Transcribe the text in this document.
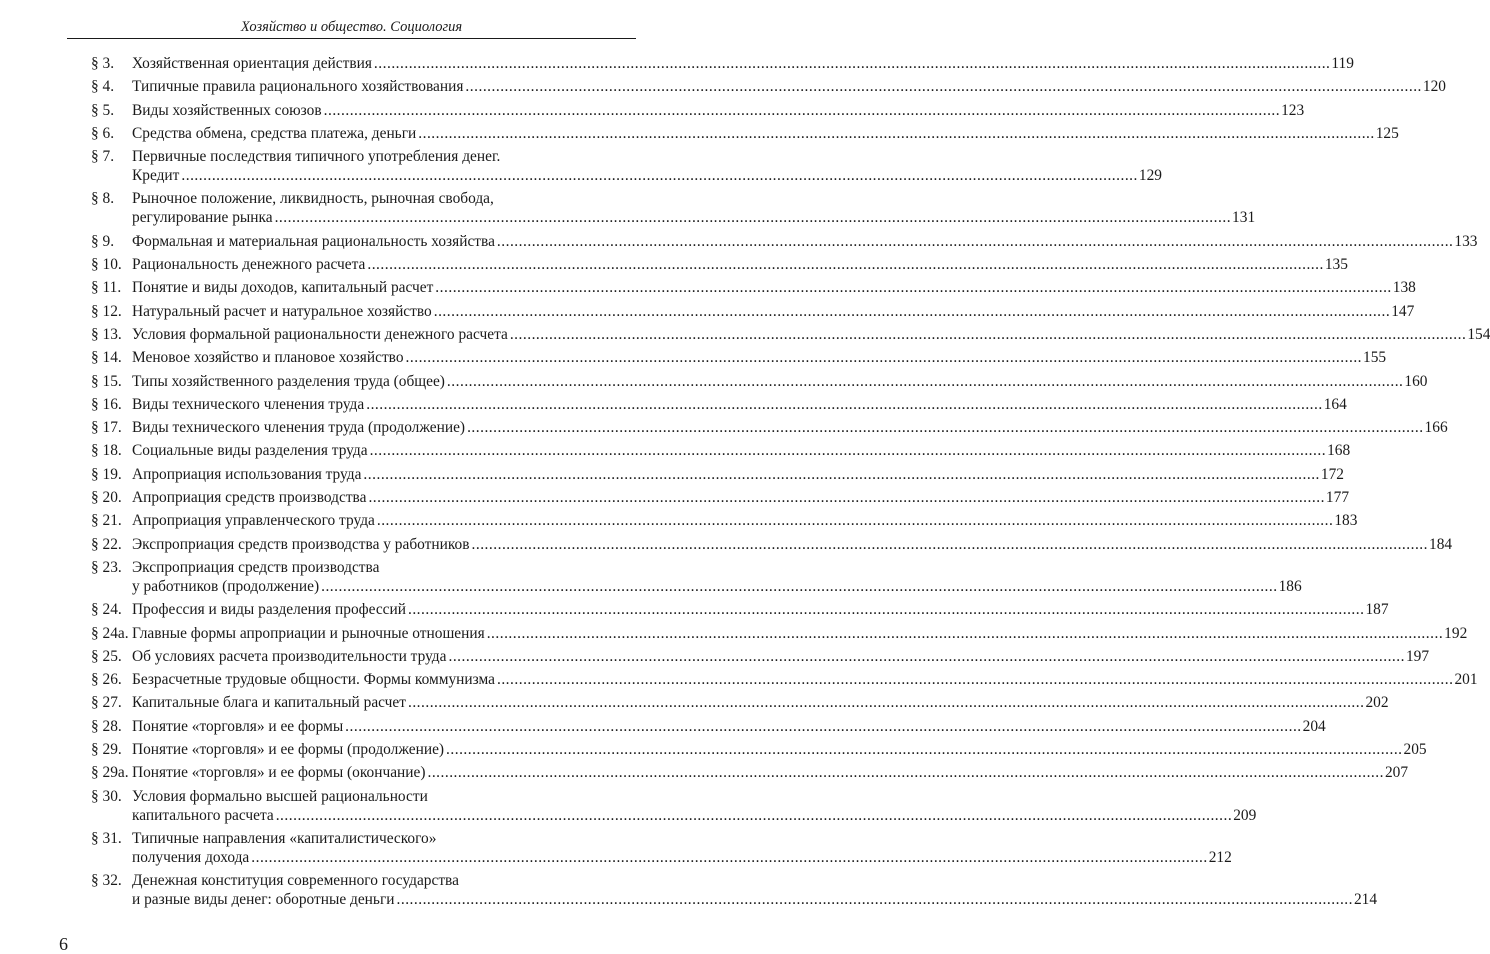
Хозяйство и общество. Социология
§ 3. Хозяйственная ориентация действия ............................................................................................................................................................................................................................ 119
§ 4. Типичные правила рационального хозяйствования ............................................................................................................................................................................................................................ 120
§ 5. Виды хозяйственных союзов ............................................................................................................................................................................................................................ 123
§ 6. Средства обмена, средства платежа, деньги ............................................................................................................................................................................................................................ 125
§ 7. Первичные последствия типичного употребления денег.
Кредит ............................................................................................................................................................................................................................ 129
§ 8. Рыночное положение, ликвидность, рыночная свобода,
регулирование рынка ............................................................................................................................................................................................................................ 131
§ 9. Формальная и материальная рациональность хозяйства ............................................................................................................................................................................................................................ 133
§ 10. Рациональность денежного расчета ............................................................................................................................................................................................................................ 135
§ 11. Понятие и виды доходов, капитальный расчет ............................................................................................................................................................................................................................ 138
§ 12. Натуральный расчет и натуральное хозяйство ............................................................................................................................................................................................................................ 147
§ 13. Условия формальной рациональности денежного расчета ............................................................................................................................................................................................................................ 154
§ 14. Меновое хозяйство и плановое хозяйство ............................................................................................................................................................................................................................ 155
§ 15. Типы хозяйственного разделения труда (общее) ............................................................................................................................................................................................................................ 160
§ 16. Виды технического членения труда ............................................................................................................................................................................................................................ 164
§ 17. Виды технического членения труда (продолжение) ............................................................................................................................................................................................................................ 166
§ 18. Социальные виды разделения труда ............................................................................................................................................................................................................................ 168
§ 19. Апроприация использования труда ............................................................................................................................................................................................................................ 172
§ 20. Апроприация средств производства ............................................................................................................................................................................................................................ 177
§ 21. Апроприация управленческого труда ............................................................................................................................................................................................................................ 183
§ 22. Экспроприация средств производства у работников ............................................................................................................................................................................................................................ 184
§ 23. Экспроприация средств производства
у работников (продолжение) ............................................................................................................................................................................................................................ 186
§ 24. Профессия и виды разделения профессий ............................................................................................................................................................................................................................ 187
§ 24а. Главные формы апроприации и рыночные отношения ............................................................................................................................................................................................................................ 192
§ 25. Об условиях расчета производительности труда ............................................................................................................................................................................................................................ 197
§ 26. Безрасчетные трудовые общности. Формы коммунизма ............................................................................................................................................................................................................................ 201
§ 27. Капитальные блага и капитальный расчет ............................................................................................................................................................................................................................ 202
§ 28. Понятие «торговля» и ее формы ............................................................................................................................................................................................................................ 204
§ 29. Понятие «торговля» и ее формы (продолжение) ............................................................................................................................................................................................................................ 205
§ 29а. Понятие «торговля» и ее формы (окончание) ............................................................................................................................................................................................................................ 207
§ 30. Условия формально высшей рациональности
капитального расчета ............................................................................................................................................................................................................................ 209
§ 31. Типичные направления «капиталистического»
получения дохода ............................................................................................................................................................................................................................ 212
§ 32. Денежная конституция современного государства
и разные виды денег: оборотные деньги ............................................................................................................................................................................................................................ 214
6
